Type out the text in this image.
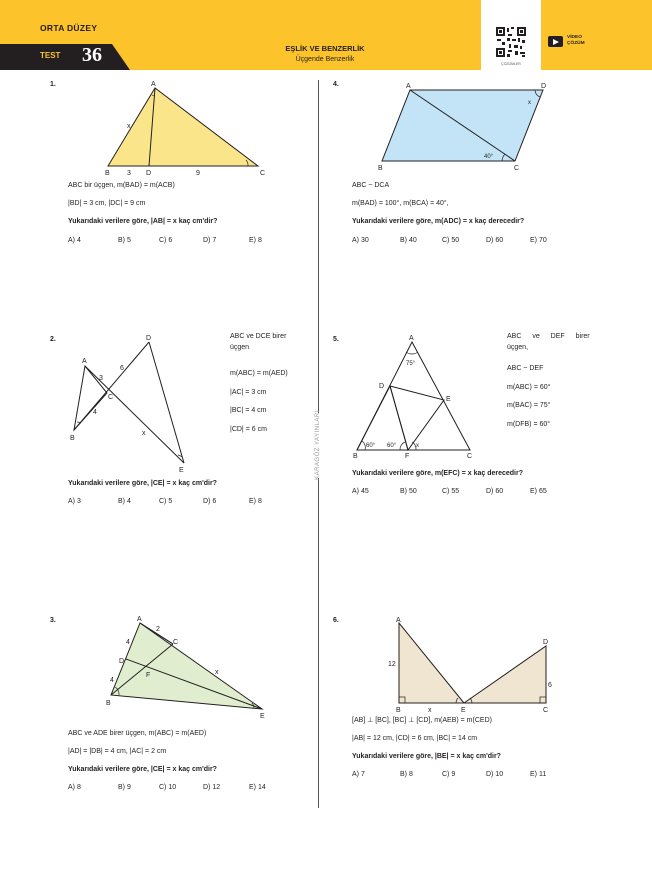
ORTA DÜZEY
TEST 36	EŞLİK VE BENZERLİK
Üçgende Benzerlik
ÇÖZÜMLER
VİDEO
ÇÖZÜM
KARAGÖZ YAYINLARI
1.	A
B	D	C
x
3	9
ABC bir üçgen, m(BAD) = m(ACB)
|BD| = 3 cm, |DC| = 9 cm
Yukarıdaki verilere göre, |AB| = x kaç cm'dir?
A) 4	B) 5	C) 6	D) 7	E) 8
4.	A	D
B	C
x
40°
ABC ~ DCA
m(BAD) = 100°, m(BCA) = 40°,
Yukarıdaki verilere göre, m(ADC) = x kaç derecedir?
A) 30	B) 40	C) 50	D) 60	E) 70
2.
A
D
C
B
E
x
3
6
4
ABC ve DCE birer
üçgen
m(ABC) = m(AED)
|AC| = 3 cm
|BC| = 4 cm
|CD| = 6 cm
Yukarıdaki verilere göre, |CE| = x kaç cm'dir?
A) 3	B) 4	C) 5	D) 6	E) 8
5.	A
D
E
B	F	C
75°
60° 60°	x
ABC ve DEF birer
üçgen,
ABC ~ DEF
m(ABC) = 60°
m(BAC) = 75°
m(DFB) = 60°
Yukarıdaki verilere göre, m(EFC) = x kaç derecedir?
A) 45	B) 50	C) 55	D) 60	E) 65
3.	A
C
D
F
B
E
x
4
4
2
ABC ve ADE birer üçgen, m(ABC) = m(AED)
|AD| = |DB| = 4 cm, |AC| = 2 cm
Yukarıdaki verilere göre, |CE| = x kaç cm'dir?
A) 8	B) 9	C) 10	D) 12	E) 14
6.	A
D
B	E	C
x
12
6
[AB] ⊥ [BC], [BC] ⊥ [CD], m(AEB) = m(CED)
|AB| = 12 cm, |CD| = 6 cm, |BC| = 14 cm
Yukarıdaki verilere göre, |BE| = x kaç cm'dir?
A) 7	B) 8	C) 9	D) 10	E) 11
